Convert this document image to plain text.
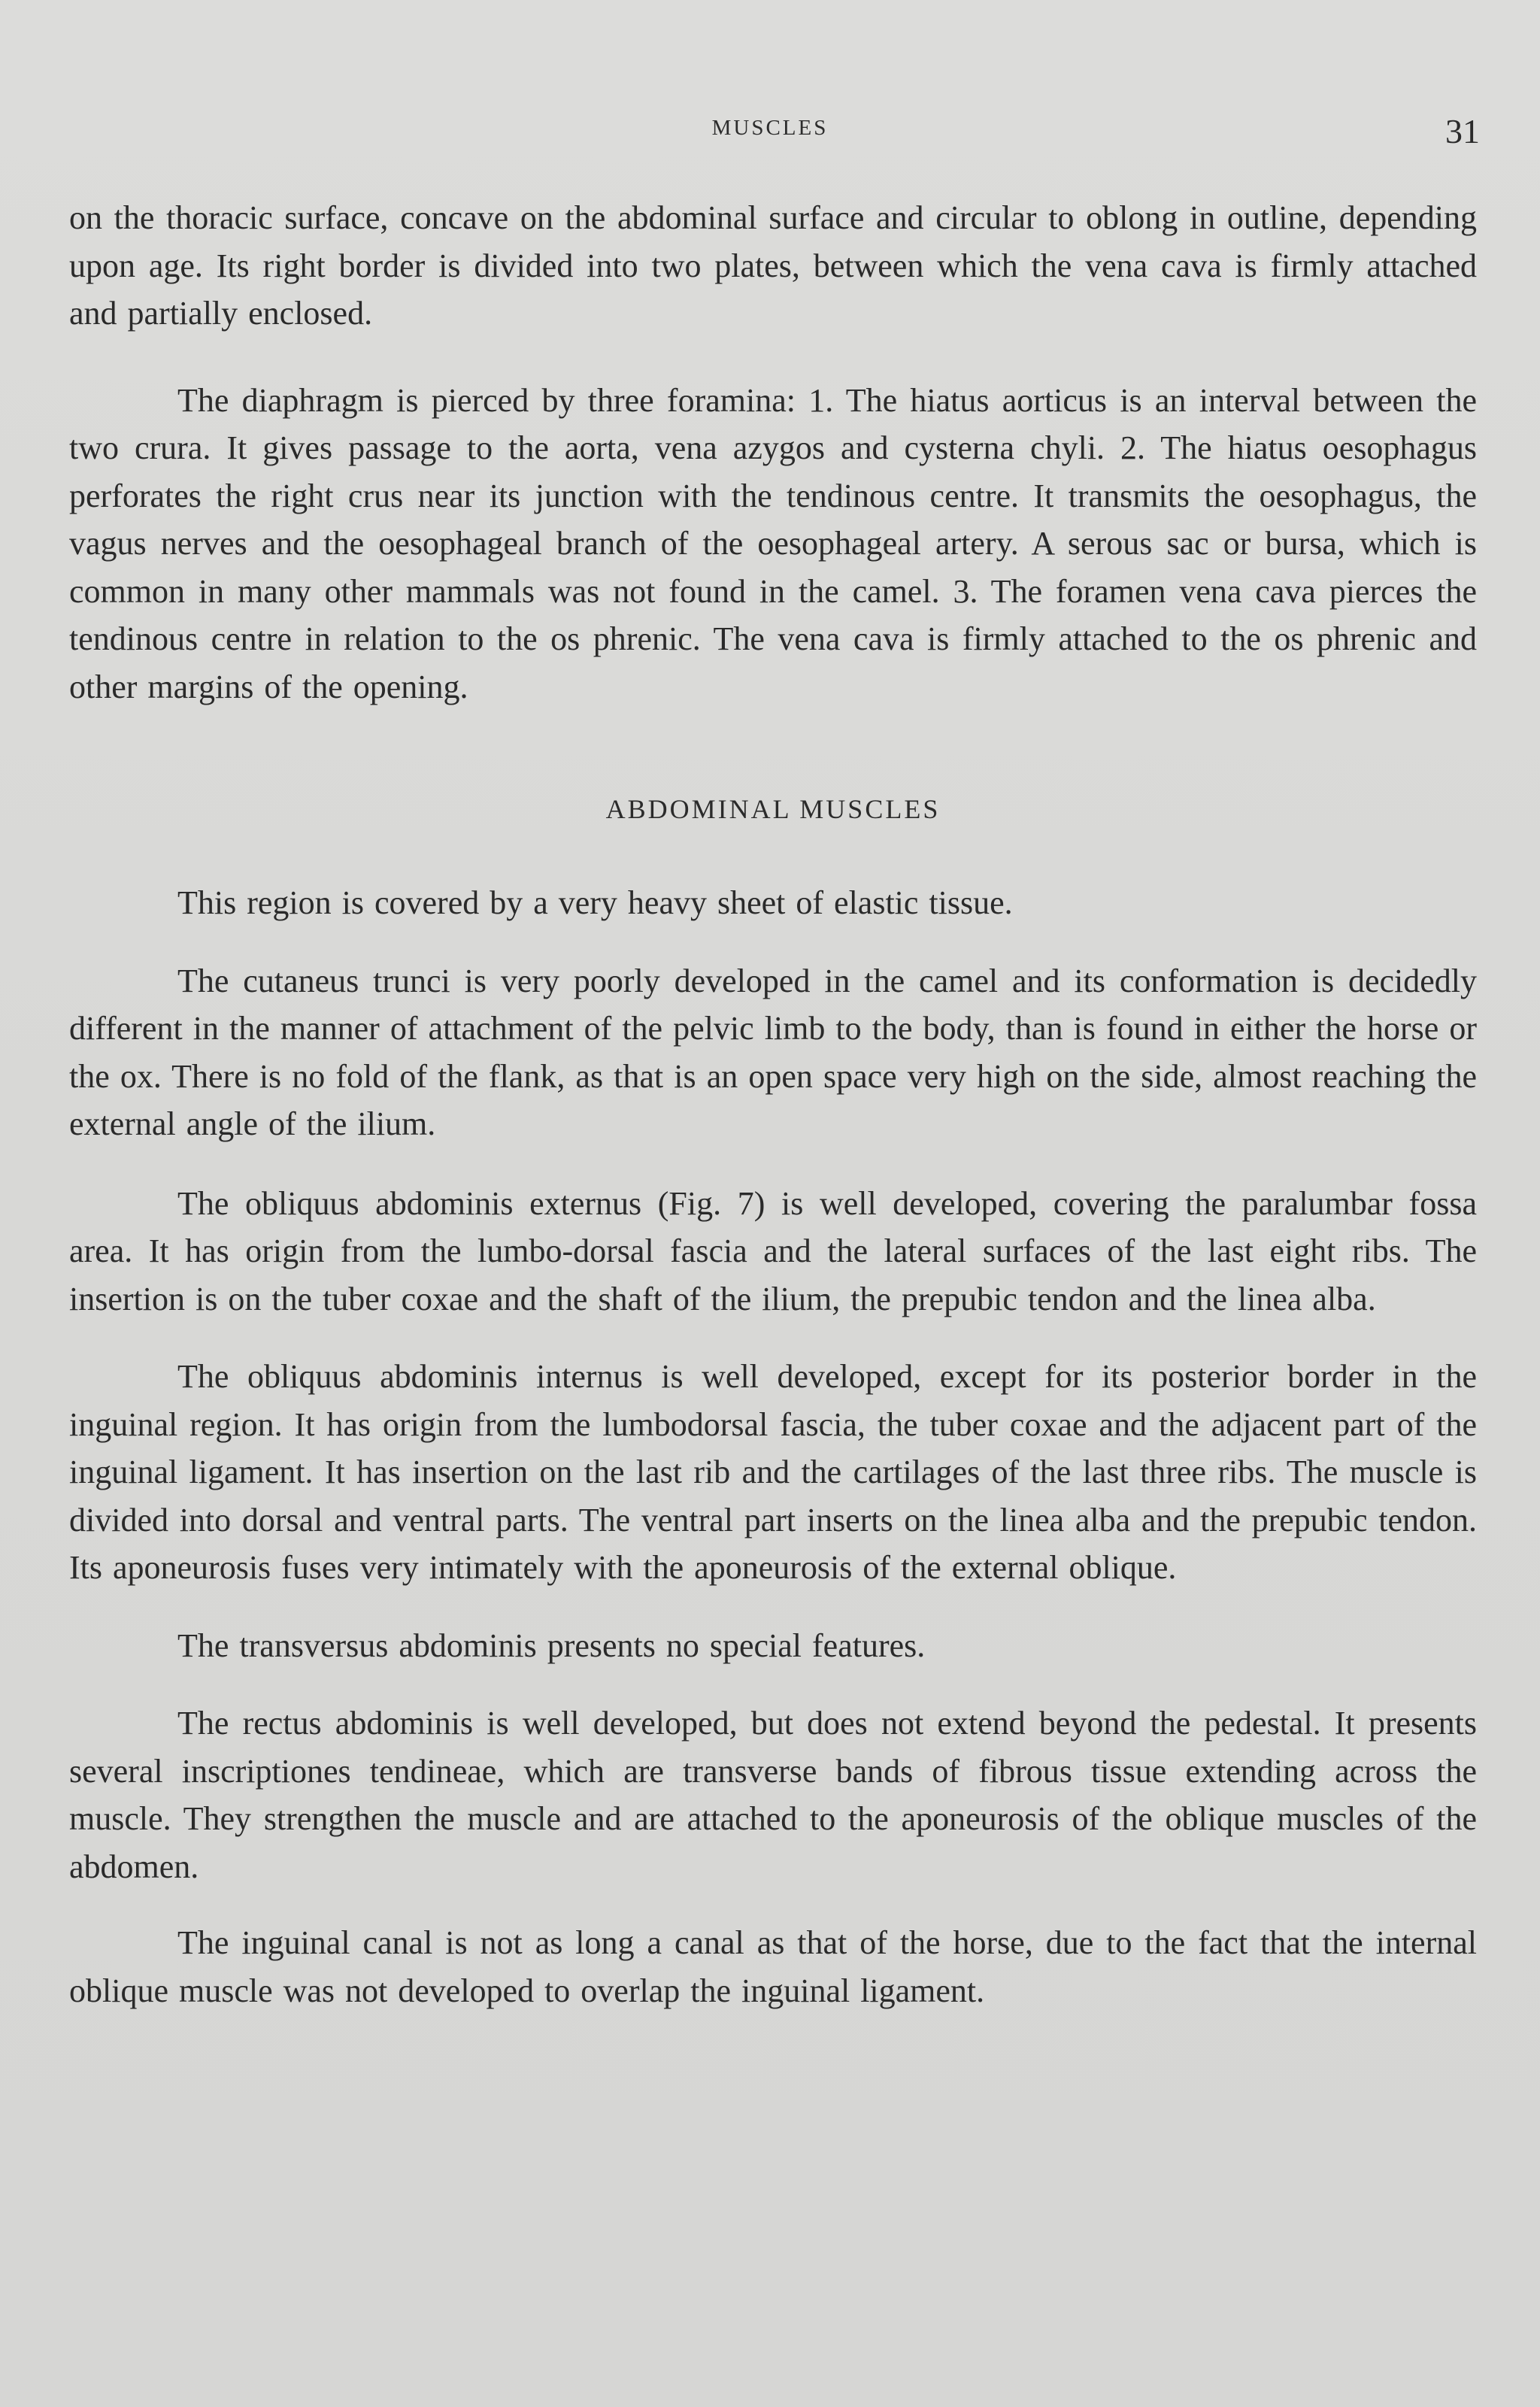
MUSCLES	31

on the thoracic surface, concave on the abdominal surface and circular to oblong in outline, depending upon age. Its right border is divided into two plates, between which the vena cava is firmly attached and partially enclosed.

The diaphragm is pierced by three foramina: 1. The hiatus aorticus is an interval between the two crura. It gives passage to the aorta, vena azygos and cysterna chyli. 2. The hiatus oesophagus perforates the right crus near its junction with the tendinous centre. It transmits the oesophagus, the vagus nerves and the oesophageal branch of the oesophageal artery. A serous sac or bursa, which is common in many other mammals was not found in the camel. 3. The foramen vena cava pierces the tendinous centre in relation to the os phrenic. The vena cava is firmly attached to the os phrenic and other margins of the opening.

ABDOMINAL MUSCLES

This region is covered by a very heavy sheet of elastic tissue.

The cutaneus trunci is very poorly developed in the camel and its conformation is decidedly different in the manner of attachment of the pelvic limb to the body, than is found in either the horse or the ox. There is no fold of the flank, as that is an open space very high on the side, almost reaching the external angle of the ilium.

The obliquus abdominis externus (Fig. 7) is well developed, covering the paralumbar fossa area. It has origin from the lumbo-dorsal fascia and the lateral surfaces of the last eight ribs. The insertion is on the tuber coxae and the shaft of the ilium, the prepubic tendon and the linea alba.

The obliquus abdominis internus is well developed, except for its posterior border in the inguinal region. It has origin from the lumbodorsal fascia, the tuber coxae and the adjacent part of the inguinal ligament. It has insertion on the last rib and the cartilages of the last three ribs. The muscle is divided into dorsal and ventral parts. The ventral part inserts on the linea alba and the prepubic tendon. Its aponeurosis fuses very intimately with the aponeurosis of the external oblique.

The transversus abdominis presents no special features.

The rectus abdominis is well developed, but does not extend beyond the pedestal. It presents several inscriptiones tendineae, which are transverse bands of fibrous tissue extending across the muscle. They strengthen the muscle and are attached to the aponeurosis of the oblique muscles of the abdomen.

The inguinal canal is not as long a canal as that of the horse, due to the fact that the internal oblique muscle was not developed to overlap the inguinal ligament.
